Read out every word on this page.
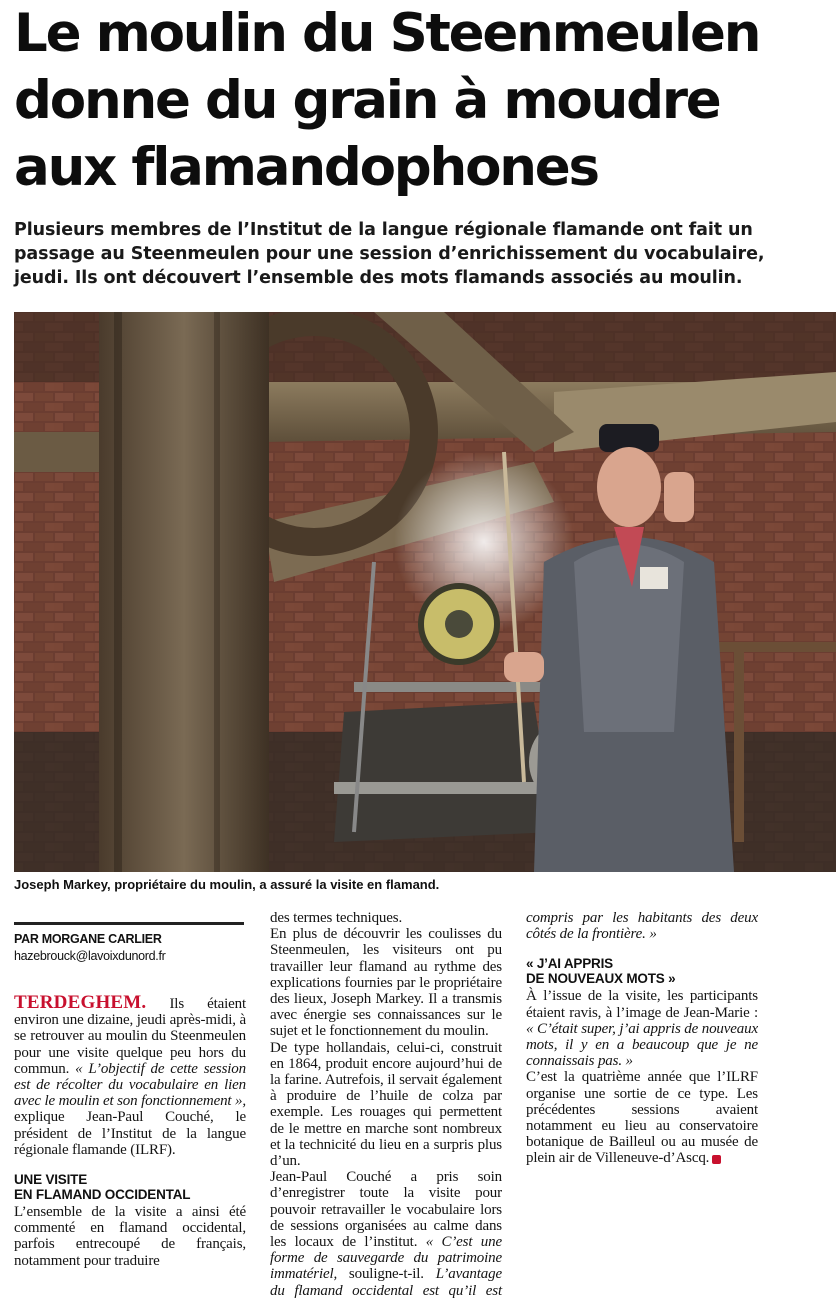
Le moulin du Steenmeulen
donne du grain à moudre
aux flamandophones

Plusieurs membres de l’Institut de la langue régionale flamande ont fait un
passage au Steenmeulen pour une session d’enrichissement du vocabulaire,
jeudi. Ils ont découvert l’ensemble des mots flamands associés au moulin.

Joseph Markey, propriétaire du moulin, a assuré la visite en flamand.

PAR MORGANE CARLIER
hazebrouck@lavoixdunord.fr

TERDEGHEM. Ils étaient environ une dizaine, jeudi après-midi, à se retrouver au moulin du Steenmeulen pour une visite quelque peu hors du commun. « L’objectif de cette session est de récolter du vocabulaire en lien avec le moulin et son fonctionnement », explique Jean-Paul Couché, le président de l’Institut de la langue régionale flamande (ILRF).

UNE VISITE
EN FLAMAND OCCIDENTAL

L’ensemble de la visite a ainsi été commenté en flamand occidental, parfois entrecoupé de français, notamment pour traduire

des termes techniques.

En plus de découvrir les coulisses du Steenmeulen, les visiteurs ont pu travailler leur flamand au rythme des explications fournies par le propriétaire des lieux, Joseph Markey. Il a transmis avec énergie ses connaissances sur le sujet et le fonctionnement du moulin.

De type hollandais, celui-ci, construit en 1864, produit encore aujourd’hui de la farine. Autrefois, il servait également à produire de l’huile de colza par exemple. Les rouages qui permettent de le mettre en marche sont nombreux et la technicité du lieu en a surpris plus d’un.

Jean-Paul Couché a pris soin d’enregistrer toute la visite pour pouvoir retravailler le vocabulaire lors de sessions organisées au calme dans les locaux de l’institut. « C’est une forme de sauvegarde du patrimoine immatériel, souligne-t-il. L’avantage du flamand occidental est qu’il est compris par les habitants des deux côtés de la frontière. »

« J’AI APPRIS
DE NOUVEAUX MOTS »

À l’issue de la visite, les participants étaient ravis, à l’image de Jean-Marie : « C’était super, j’ai appris de nouveaux mots, il y en a beaucoup que je ne connaissais pas. »

C’est la quatrième année que l’ILRF organise une sortie de ce type. Les précédentes sessions avaient notamment eu lieu au conservatoire botanique de Bailleul ou au musée de plein air de Villeneuve-d’Ascq.
